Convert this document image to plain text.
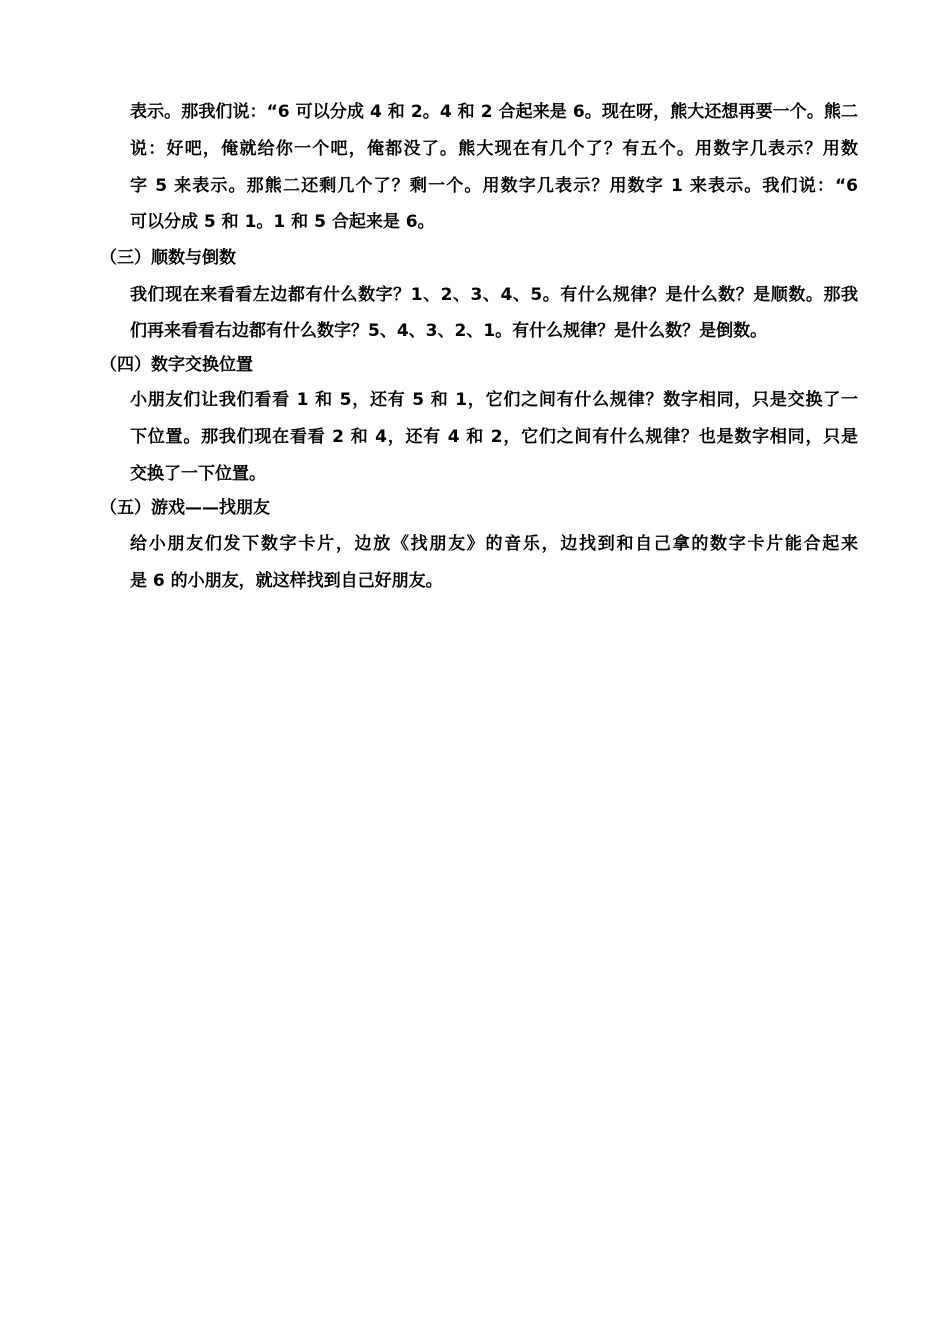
表示。那我们说：“6 可以分成 4 和 2。4 和 2 合起来是 6。现在呀，熊大还想再要一个。熊二
说：好吧，俺就给你一个吧，俺都没了。熊大现在有几个了？有五个。用数字几表示？用数
字 5 来表示。那熊二还剩几个了？剩一个。用数字几表示？用数字 1 来表示。我们说：“6
可以分成 5 和 1。1 和 5 合起来是 6。
（三）顺数与倒数
我们现在来看看左边都有什么数字？1、2、3、4、5。有什么规律？是什么数？是顺数。那我
们再来看看右边都有什么数字？5、4、3、2、1。有什么规律？是什么数？是倒数。
（四）数字交换位置
小朋友们让我们看看 1 和 5，还有 5 和 1，它们之间有什么规律？数字相同，只是交换了一
下位置。那我们现在看看 2 和 4，还有 4 和 2，它们之间有什么规律？也是数字相同，只是
交换了一下位置。
（五）游戏——找朋友
给小朋友们发下数字卡片，边放《找朋友》的音乐，边找到和自己拿的数字卡片能合起来
是 6 的小朋友，就这样找到自己好朋友。
